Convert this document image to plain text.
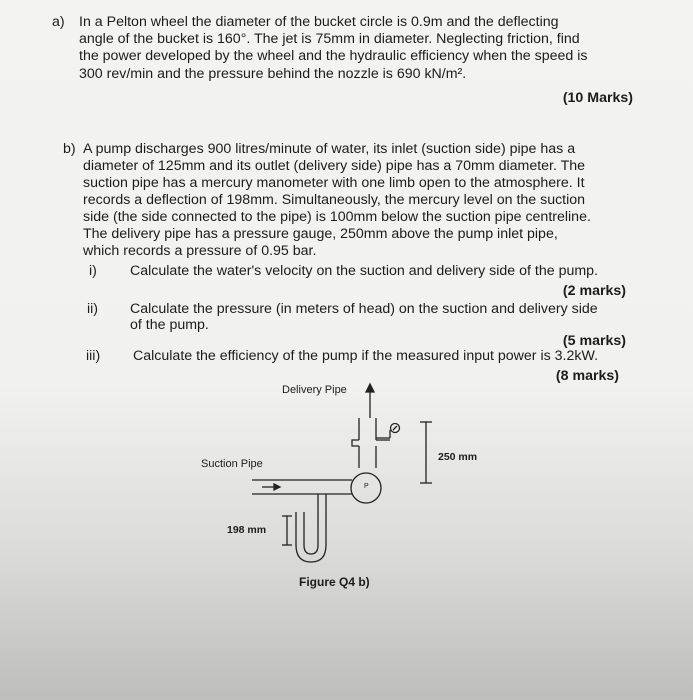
a) In a Pelton wheel the diameter of the bucket circle is 0.9m and the deflecting
angle of the bucket is 160°. The jet is 75mm in diameter. Neglecting friction, find
the power developed by the wheel and the hydraulic efficiency when the speed is
300 rev/min and the pressure behind the nozzle is 690 kN/m².
(10 Marks)
b) A pump discharges 900 litres/minute of water, its inlet (suction side) pipe has a
diameter of 125mm and its outlet (delivery side) pipe has a 70mm diameter. The
suction pipe has a mercury manometer with one limb open to the atmosphere. It
records a deflection of 198mm. Simultaneously, the mercury level on the suction
side (the side connected to the pipe) is 100mm below the suction pipe centreline.
The delivery pipe has a pressure gauge, 250mm above the pump inlet pipe,
which records a pressure of 0.95 bar.
i) Calculate the water's velocity on the suction and delivery side of the pump.
(2 marks)
ii) Calculate the pressure (in meters of head) on the suction and delivery side
of the pump.
(5 marks)
iii) Calculate the efficiency of the pump if the measured input power is 3.2kW.
(8 marks)
Delivery Pipe
Suction Pipe
250 mm
198 mm
P
Figure Q4 b)
